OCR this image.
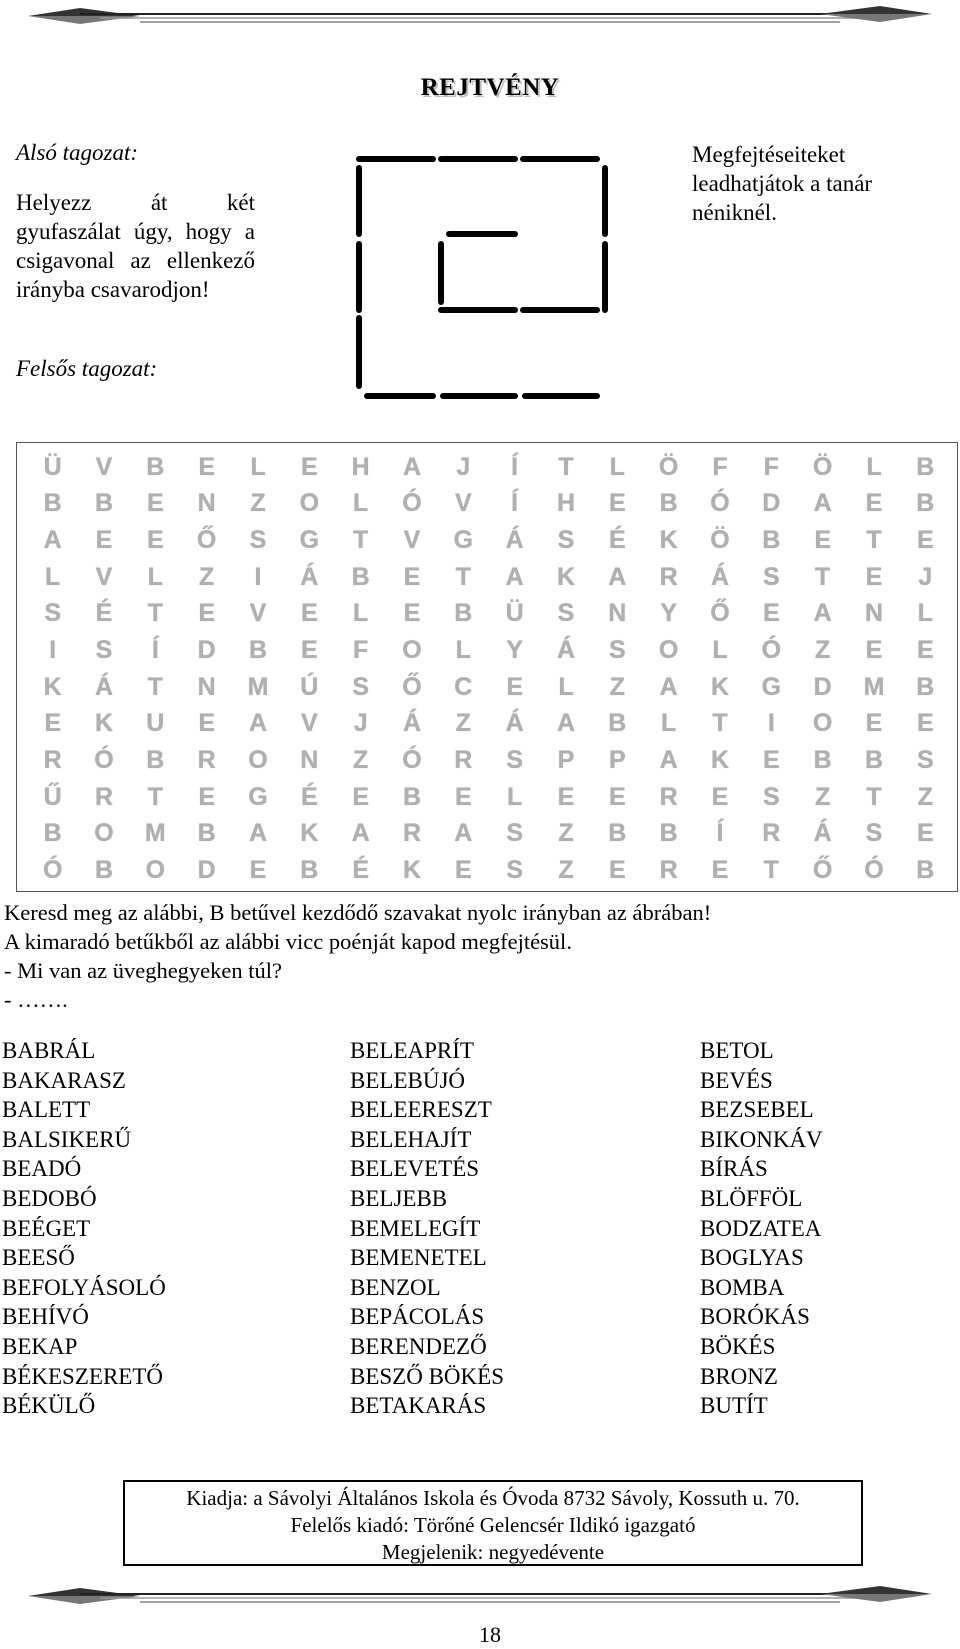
REJTVÉNY
Alsó tagozat:
Helyezz át két gyufaszálat úgy, hogy a csigavonal az ellenkező irányba csavarodjon!
Felsős tagozat:
Megfejtéseiteket leadhatjátok a tanár néniknél.
Ü	V	B	E	L	E	H	A	J	Í	T	L	Ö	F	F	Ö	L	B
B	B	E	N	Z	O	L	Ó	V	Í	H	E	B	Ó	D	A	E	B
A	E	E	Ő	S	G	T	V	G	Á	S	É	K	Ö	B	E	T	E
L	V	L	Z	I	Á	B	E	T	A	K	A	R	Á	S	T	E	J
S	É	T	E	V	E	L	E	B	Ü	S	N	Y	Ő	E	A	N	L
I	S	Í	D	B	E	F	O	L	Y	Á	S	O	L	Ó	Z	E	E
K	Á	T	N	M	Ú	S	Ő	C	E	L	Z	A	K	G	D	M	B
E	K	U	E	A	V	J	Á	Z	Á	A	B	L	T	I	O	E	E
R	Ó	B	R	O	N	Z	Ó	R	S	P	P	A	K	E	B	B	S
Ű	R	T	E	G	É	E	B	E	L	E	E	R	E	S	Z	T	Z
B	O	M	B	A	K	A	R	A	S	Z	B	B	Í	R	Á	S	E
Ó	B	O	D	E	B	É	K	E	S	Z	E	R	E	T	Ő	Ó	B
Keresd meg az alábbi, B betűvel kezdődő szavakat nyolc irányban az ábrában!
A kimaradó betűkből az alábbi vicc poénját kapod megfejtésül.
- Mi van az üveghegyeken túl?
- …….
BABRÁL
BAKARASZ
BALETT
BALSIKERŰ
BEADÓ
BEDOBÓ
BEÉGET
BEESŐ
BEFOLYÁSOLÓ
BEHÍVÓ
BEKAP
BÉKESZERETŐ
BÉKÜLŐ
BELEAPRÍT
BELEBÚJÓ
BELEERESZT
BELEHAJÍT
BELEVETÉS
BELJEBB
BEMELEGÍT
BEMENETEL
BENZOL
BEPÁCOLÁS
BERENDEZŐ
BESZŐ BÖKÉS
BETAKARÁS
BETOL
BEVÉS
BEZSEBEL
BIKONKÁV
BÍRÁS
BLÖFFÖL
BODZATEA
BOGLYAS
BOMBA
BORÓKÁS
BÖKÉS
BRONZ
BUTÍT
Kiadja: a Sávolyi Általános Iskola és Óvoda 8732 Sávoly, Kossuth u. 70.
Felelős kiadó: Törőné Gelencsér Ildikó igazgató
Megjelenik: negyedévente
18
